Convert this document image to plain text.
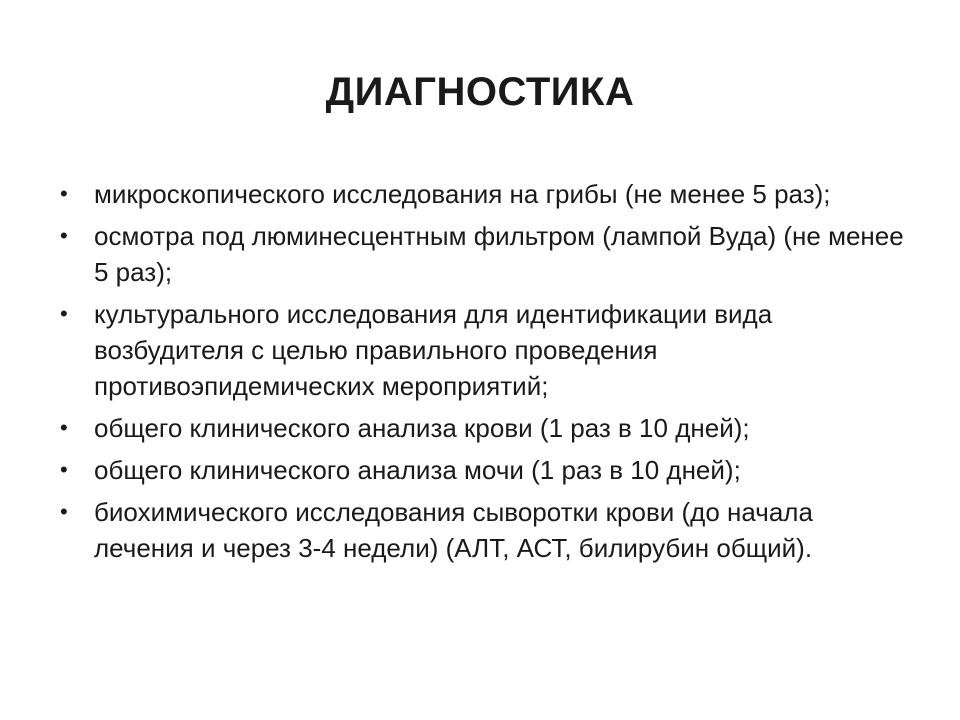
ДИАГНОСТИКА
• микроскопического исследования на грибы (не менее 5 раз);
• осмотра под люминесцентным фильтром (лампой Вуда) (не менее 5 раз);
• культурального исследования для идентификации вида возбудителя с целью правильного проведения противоэпидемических мероприятий;
• общего клинического анализа крови (1 раз в 10 дней);
• общего клинического анализа мочи (1 раз в 10 дней);
• биохимического исследования сыворотки крови (до начала лечения и через 3-4 недели) (АЛТ, АСТ, билирубин общий).
